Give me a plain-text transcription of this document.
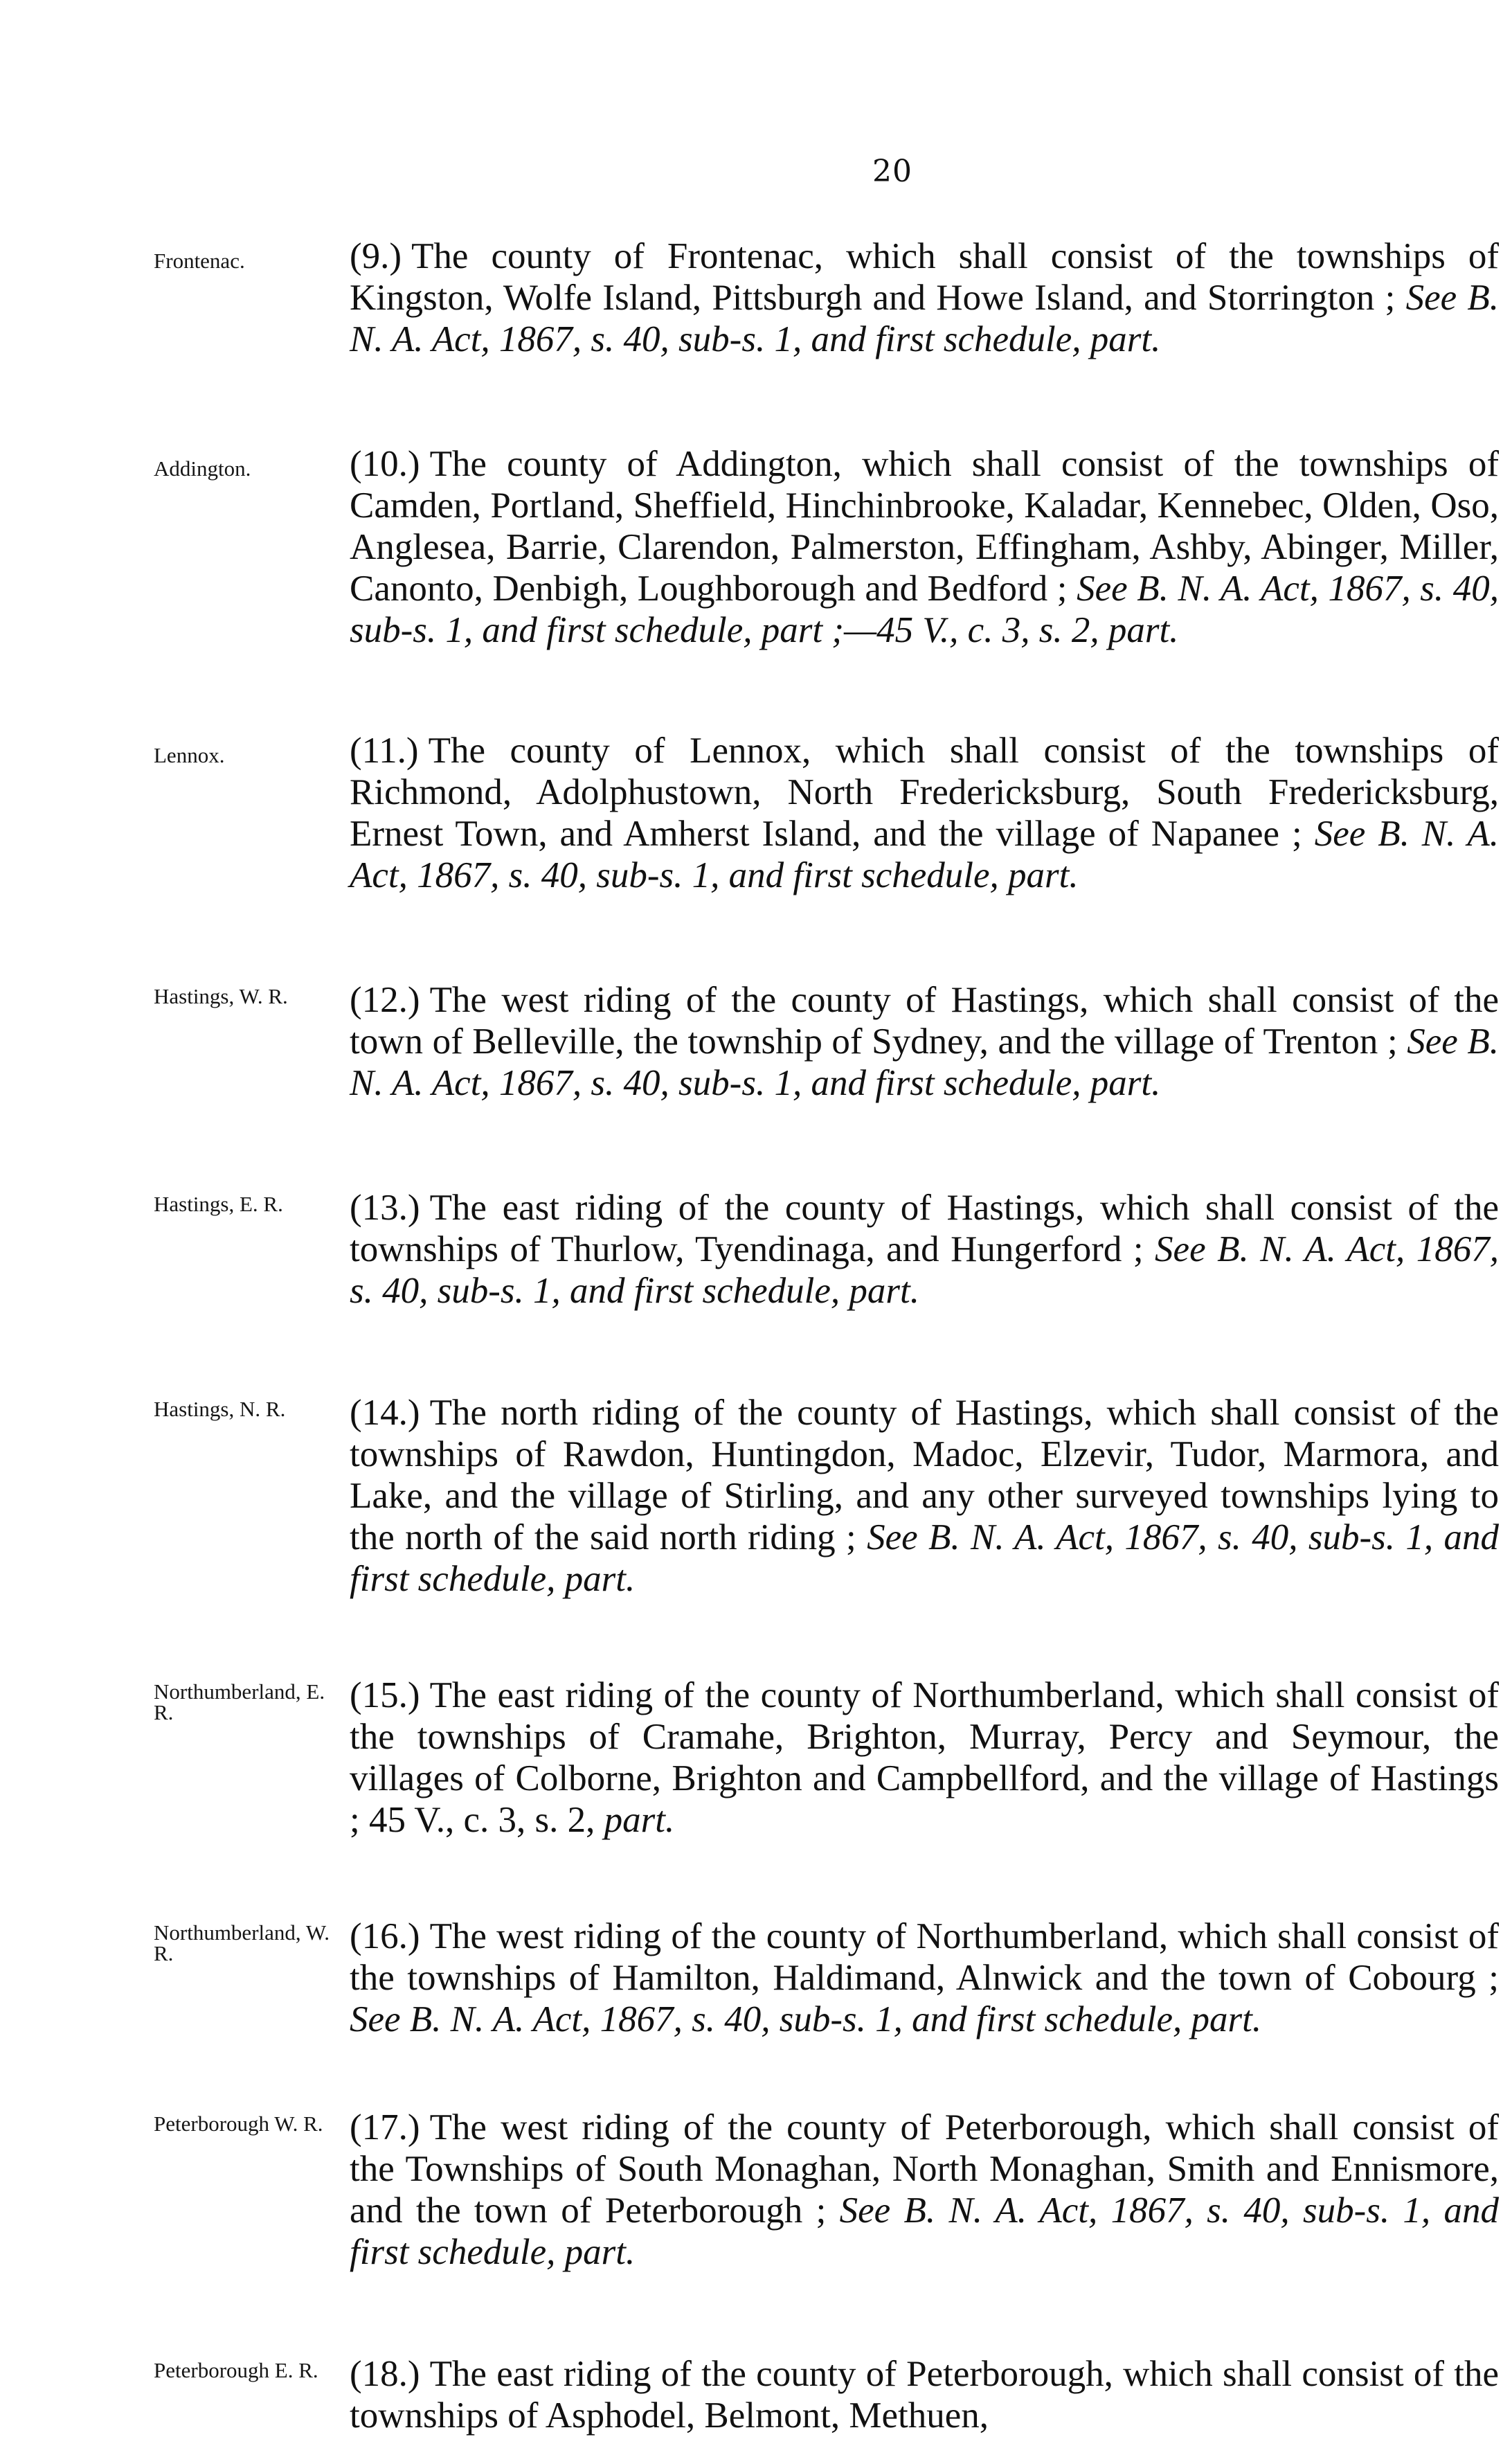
20
Frontenac.	(9.) The county of Frontenac, which shall consist of the townships of Kingston, Wolfe Island, Pittsburgh and Howe Island, and Storrington ; See B. N. A. Act, 1867, s. 40, sub-s. 1, and first schedule, part.
Addington.	(10.) The county of Addington, which shall consist of the townships of Camden, Portland, Sheffield, Hinchinbrooke, Kaladar, Kennebec, Olden, Oso, Anglesea, Barrie, Clarendon, Palmerston, Effingham, Ashby, Abinger, Miller, Canonto, Denbigh, Loughborough and Bedford ; See B. N. A. Act, 1867, s. 40, sub-s. 1, and first schedule, part ;—45 V., c. 3, s. 2, part.
Lennox.	(11.) The county of Lennox, which shall consist of the townships of Richmond, Adolphustown, North Fredericksburg, South Fredericksburg, Ernest Town, and Amherst Island, and the village of Napanee ; See B. N. A. Act, 1867, s. 40, sub-s. 1, and first schedule, part.
Hastings, W. R.	(12.) The west riding of the county of Hastings, which shall consist of the town of Belleville, the township of Sydney, and the village of Trenton ; See B. N. A. Act, 1867, s. 40, sub-s. 1, and first schedule, part.
Hastings, E. R.	(13.) The east riding of the county of Hastings, which shall consist of the townships of Thurlow, Tyendinaga, and Hungerford ; See B. N. A. Act, 1867, s. 40, sub-s. 1, and first schedule, part.
Hastings, N. R.	(14.) The north riding of the county of Hastings, which shall consist of the townships of Rawdon, Huntingdon, Madoc, Elzevir, Tudor, Marmora, and Lake, and the village of Stirling, and any other surveyed townships lying to the north of the said north riding ; See B. N. A. Act, 1867, s. 40, sub-s. 1, and first schedule, part.
Northumberland, E. R.	(15.) The east riding of the county of Northumberland, which shall consist of the townships of Cramahe, Brighton, Murray, Percy and Seymour, the villages of Colborne, Brighton and Campbellford, and the village of Hastings ; 45 V., c. 3, s. 2, part.
Northumberland, W. R.	(16.) The west riding of the county of Northumberland, which shall consist of the townships of Hamilton, Haldimand, Alnwick and the town of Cobourg ; See B. N. A. Act, 1867, s. 40, sub-s. 1, and first schedule, part.
Peterborough W. R. (17.) The west riding of the county of Peterborough, which shall consist of the Townships of South Monaghan, North Monaghan, Smith and Ennismore, and the town of Peterborough ; See B. N. A. Act, 1867, s. 40, sub-s. 1, and first schedule, part.
Peterborough E. R. (18.) The east riding of the county of Peterborough, which shall consist of the townships of Asphodel, Belmont, Methuen,
